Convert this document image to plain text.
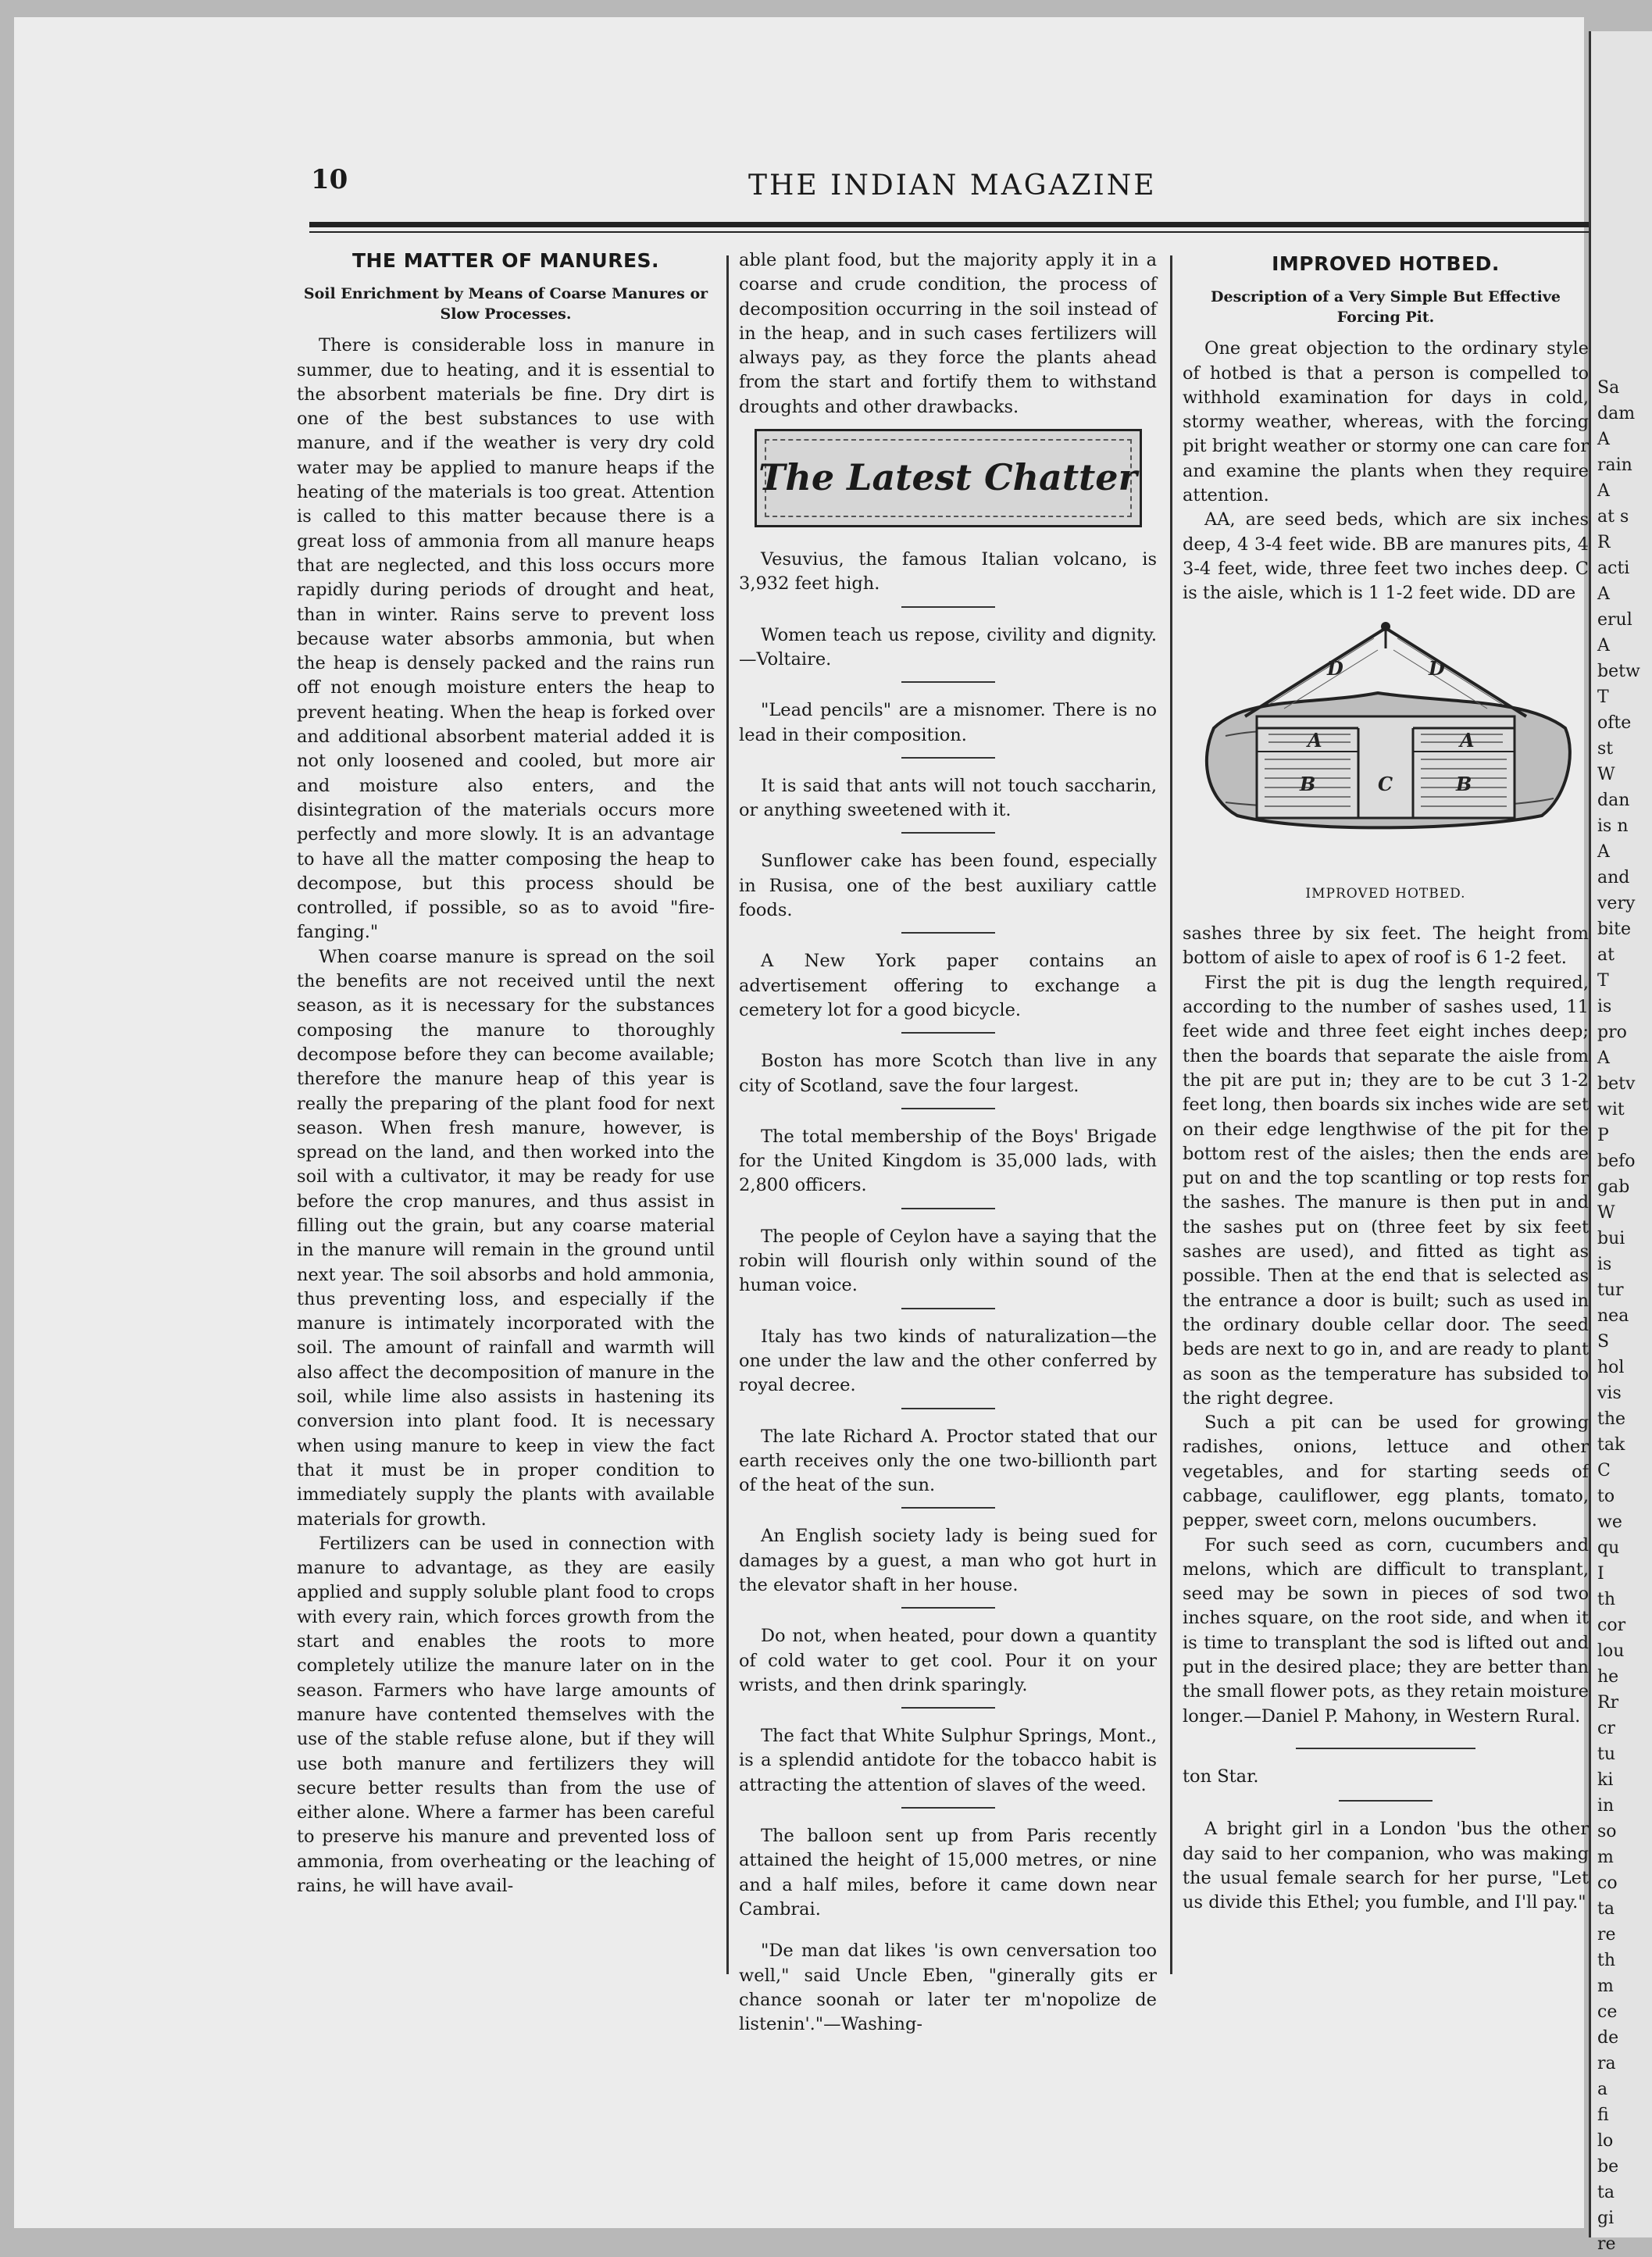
10	THE INDIAN MAGAZINE
THE MATTER OF MANURES.
Soil Enrichment by Means of Coarse Manures or Slow Processes.

There is considerable loss in manure in summer, due to heating, and it is essential to the absorbent materials be fine. Dry dirt is one of the best substances to use with manure, and if the weather is very dry cold water may be applied to manure heaps if the heating of the materials is too great. Attention is called to this matter because there is a great loss of ammonia from all manure heaps that are neglected, and this loss occurs more rapidly during periods of drought and heat, than in winter. Rains serve to prevent loss because water absorbs ammonia, but when the heap is densely packed and the rains run off not enough moisture enters the heap to prevent heating. When the heap is forked over and additional absorbent material added it is not only loosened and cooled, but more air and moisture also enters, and the disintegration of the materials occurs more perfectly and more slowly. It is an advantage to have all the matter composing the heap to decompose, but this process should be controlled, if possible, so as to avoid "fire-fanging."

When coarse manure is spread on the soil the benefits are not received until the next season, as it is necessary for the substances composing the manure to thoroughly decompose before they can become available; therefore the manure heap of this year is really the preparing of the plant food for next season. When fresh manure, however, is spread on the land, and then worked into the soil with a cultivator, it may be ready for use before the crop manures, and thus assist in filling out the grain, but any coarse material in the manure will remain in the ground until next year. The soil absorbs and hold ammonia, thus preventing loss, and especially if the manure is intimately incorporated with the soil. The amount of rainfall and warmth will also affect the decomposition of manure in the soil, while lime also assists in hastening its conversion into plant food. It is necessary when using manure to keep in view the fact that it must be in proper condition to immediately supply the plants with available materials for growth.

Fertilizers can be used in connection with manure to advantage, as they are easily applied and supply soluble plant food to crops with every rain, which forces growth from the start and enables the roots to more completely utilize the manure later on in the season. Farmers who have large amounts of manure have contented themselves with the use of the stable refuse alone, but if they will use both manure and fertilizers they will secure better results than from the use of either alone. Where a farmer has been careful to preserve his manure and prevented loss of ammonia, from overheating or the leaching of rains, he will have avail-

able plant food, but the majority apply it in a coarse and crude condition, the process of decomposition occurring in the soil instead of in the heap, and in such cases fertilizers will always pay, as they force the plants ahead from the start and fortify them to withstand droughts and other drawbacks.

The Latest Chatter

Vesuvius, the famous Italian volcano, is 3,932 feet high.

Women teach us repose, civility and dignity.—Voltaire.

"Lead pencils" are a misnomer. There is no lead in their composition.

It is said that ants will not touch saccharin, or anything sweetened with it.

Sunflower cake has been found, especially in Rusisa, one of the best auxiliary cattle foods.

A New York paper contains an advertisement offering to exchange a cemetery lot for a good bicycle.

Boston has more Scotch than live in any city of Scotland, save the four largest.

The total membership of the Boys' Brigade for the United Kingdom is 35,000 lads, with 2,800 officers.

The people of Ceylon have a saying that the robin will flourish only within sound of the human voice.

Italy has two kinds of naturalization—the one under the law and the other conferred by royal decree.

The late Richard A. Proctor stated that our earth receives only the one two-billionth part of the heat of the sun.

An English society lady is being sued for damages by a guest, a man who got hurt in the elevator shaft in her house.

Do not, when heated, pour down a quantity of cold water to get cool. Pour it on your wrists, and then drink sparingly.

The fact that White Sulphur Springs, Mont., is a splendid antidote for the tobacco habit is attracting the attention of slaves of the weed.

The balloon sent up from Paris recently attained the height of 15,000 metres, or nine and a half miles, before it came down near Cambrai.

"De man dat likes 'is own cenversation too well," said Uncle Eben, "ginerally gits er chance soonah or later ter m'nopolize de listenin'."—Washing-

IMPROVED HOTBED.
Description of a Very Simple But Effective Forcing Pit.

One great objection to the ordinary style of hotbed is that a person is compelled to withhold examination for days in cold, stormy weather, whereas, with the forcing pit bright weather or stormy one can care for and examine the plants when they require attention.

AA, are seed beds, which are six inches deep, 4 3-4 feet wide. BB are manures pits, 4 3-4 feet, wide, three feet two inches deep. C is the aisle, which is 1 1-2 feet wide. DD are

D	D
A	A
B	C	B
IMPROVED HOTBED.

sashes three by six feet. The height from bottom of aisle to apex of roof is 6 1-2 feet.

First the pit is dug the length required, according to the number of sashes used, 11 feet wide and three feet eight inches deep; then the boards that separate the aisle from the pit are put in; they are to be cut 3 1-2 feet long, then boards six inches wide are set on their edge lengthwise of the pit for the bottom rest of the aisles; then the ends are put on and the top scantling or top rests for the sashes. The manure is then put in and the sashes put on (three feet by six feet sashes are used), and fitted as tight as possible. Then at the end that is selected as the entrance a door is built; such as used in the ordinary double cellar door. The seed beds are next to go in, and are ready to plant as soon as the temperature has subsided to the right degree.

Such a pit can be used for growing radishes, onions, lettuce and other vegetables, and for starting seeds of cabbage, cauliflower, egg plants, tomato, pepper, sweet corn, melons oucumbers.

For such seed as corn, cucumbers and melons, which are difficult to transplant, seed may be sown in pieces of sod two inches square, on the root side, and when it is time to transplant the sod is lifted out and put in the desired place; they are better than the small flower pots, as they retain moisture longer.—Daniel P. Mahony, in Western Rural.

ton Star.

A bright girl in a London 'bus the other day said to her companion, who was making the usual female search for her purse, "Let us divide this Ethel; you fumble, and I'll pay."

Sa
dam
A
rain
A
at s
R
acti
A
erul
A
betw
T
ofte
st
W
dan
is n
A
and
very
bite
at
T
is
pro
A
betv
wit
P
befo
gab
W
bui
is
tur
nea
S
hol
vis
the
tak
C
to
we
qu
I
th
cor
lou
he
Rr
cr
tu
ki
in
so
m
co
ta
re
th
m
ce
de
ra
a
fi
lo
be
ta
gi
re
